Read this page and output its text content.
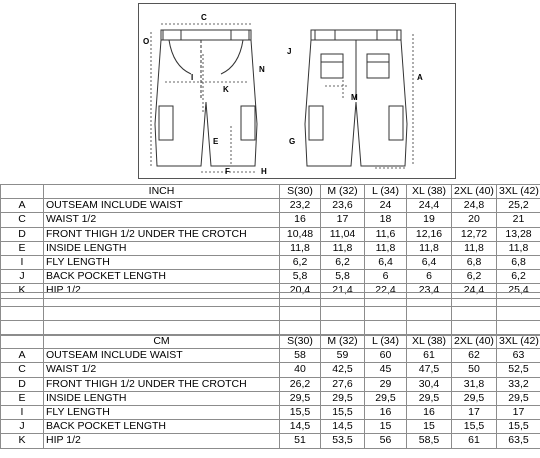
C
O
I
K
N
E
F
G
J
M
H
A
	INCH	S(30)	M (32)	L (34)	XL (38)	2XL (40)	3XL (42)
A	OUTSEAM INCLUDE WAIST	23,2	23,6	24	24,4	24,8	25,2
C	WAIST 1/2	16	17	18	19	20	21
D	FRONT THIGH 1/2 UNDER THE CROTCH	10,48	11,04	11,6	12,16	12,72	13,28
E	INSIDE LENGTH	11,8	11,8	11,8	11,8	11,8	11,8
I	FLY LENGTH	6,2	6,2	6,4	6,4	6,8	6,8
J	BACK POCKET LENGTH	5,8	5,8	6	6	6,2	6,2
K	HIP 1/2	20,4	21,4	22,4	23,4	24,4	25,4
	CM	S(30)	M (32)	L (34)	XL (38)	2XL (40)	3XL (42)
A	OUTSEAM INCLUDE WAIST	58	59	60	61	62	63
C	WAIST 1/2	40	42,5	45	47,5	50	52,5
D	FRONT THIGH 1/2 UNDER THE CROTCH	26,2	27,6	29	30,4	31,8	33,2
E	INSIDE LENGTH	29,5	29,5	29,5	29,5	29,5	29,5
I	FLY LENGTH	15,5	15,5	16	16	17	17
J	BACK POCKET LENGTH	14,5	14,5	15	15	15,5	15,5
K	HIP 1/2	51	53,5	56	58,5	61	63,5
